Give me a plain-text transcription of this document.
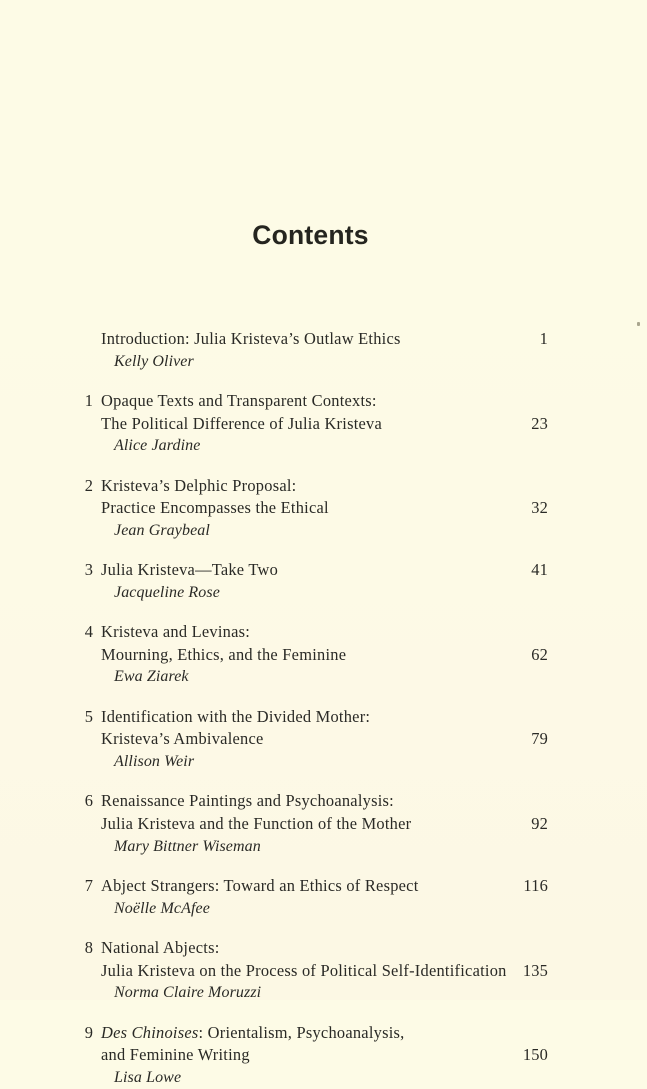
Contents
Introduction: Julia Kristeva’s Outlaw Ethics	1
Kelly Oliver
1 Opaque Texts and Transparent Contexts:
The Political Difference of Julia Kristeva	23
Alice Jardine
2 Kristeva’s Delphic Proposal:
Practice Encompasses the Ethical	32
Jean Graybeal
3 Julia Kristeva—Take Two	41
Jacqueline Rose
4 Kristeva and Levinas:
Mourning, Ethics, and the Feminine	62
Ewa Ziarek
5 Identification with the Divided Mother:
Kristeva’s Ambivalence	79
Allison Weir
6 Renaissance Paintings and Psychoanalysis:
Julia Kristeva and the Function of the Mother	92
Mary Bittner Wiseman
7 Abject Strangers: Toward an Ethics of Respect	116
Noëlle McAfee
8 National Abjects:
Julia Kristeva on the Process of Political Self-Identification 135
Norma Claire Moruzzi
9 Des Chinoises: Orientalism, Psychoanalysis,
and Feminine Writing	150
Lisa Lowe
